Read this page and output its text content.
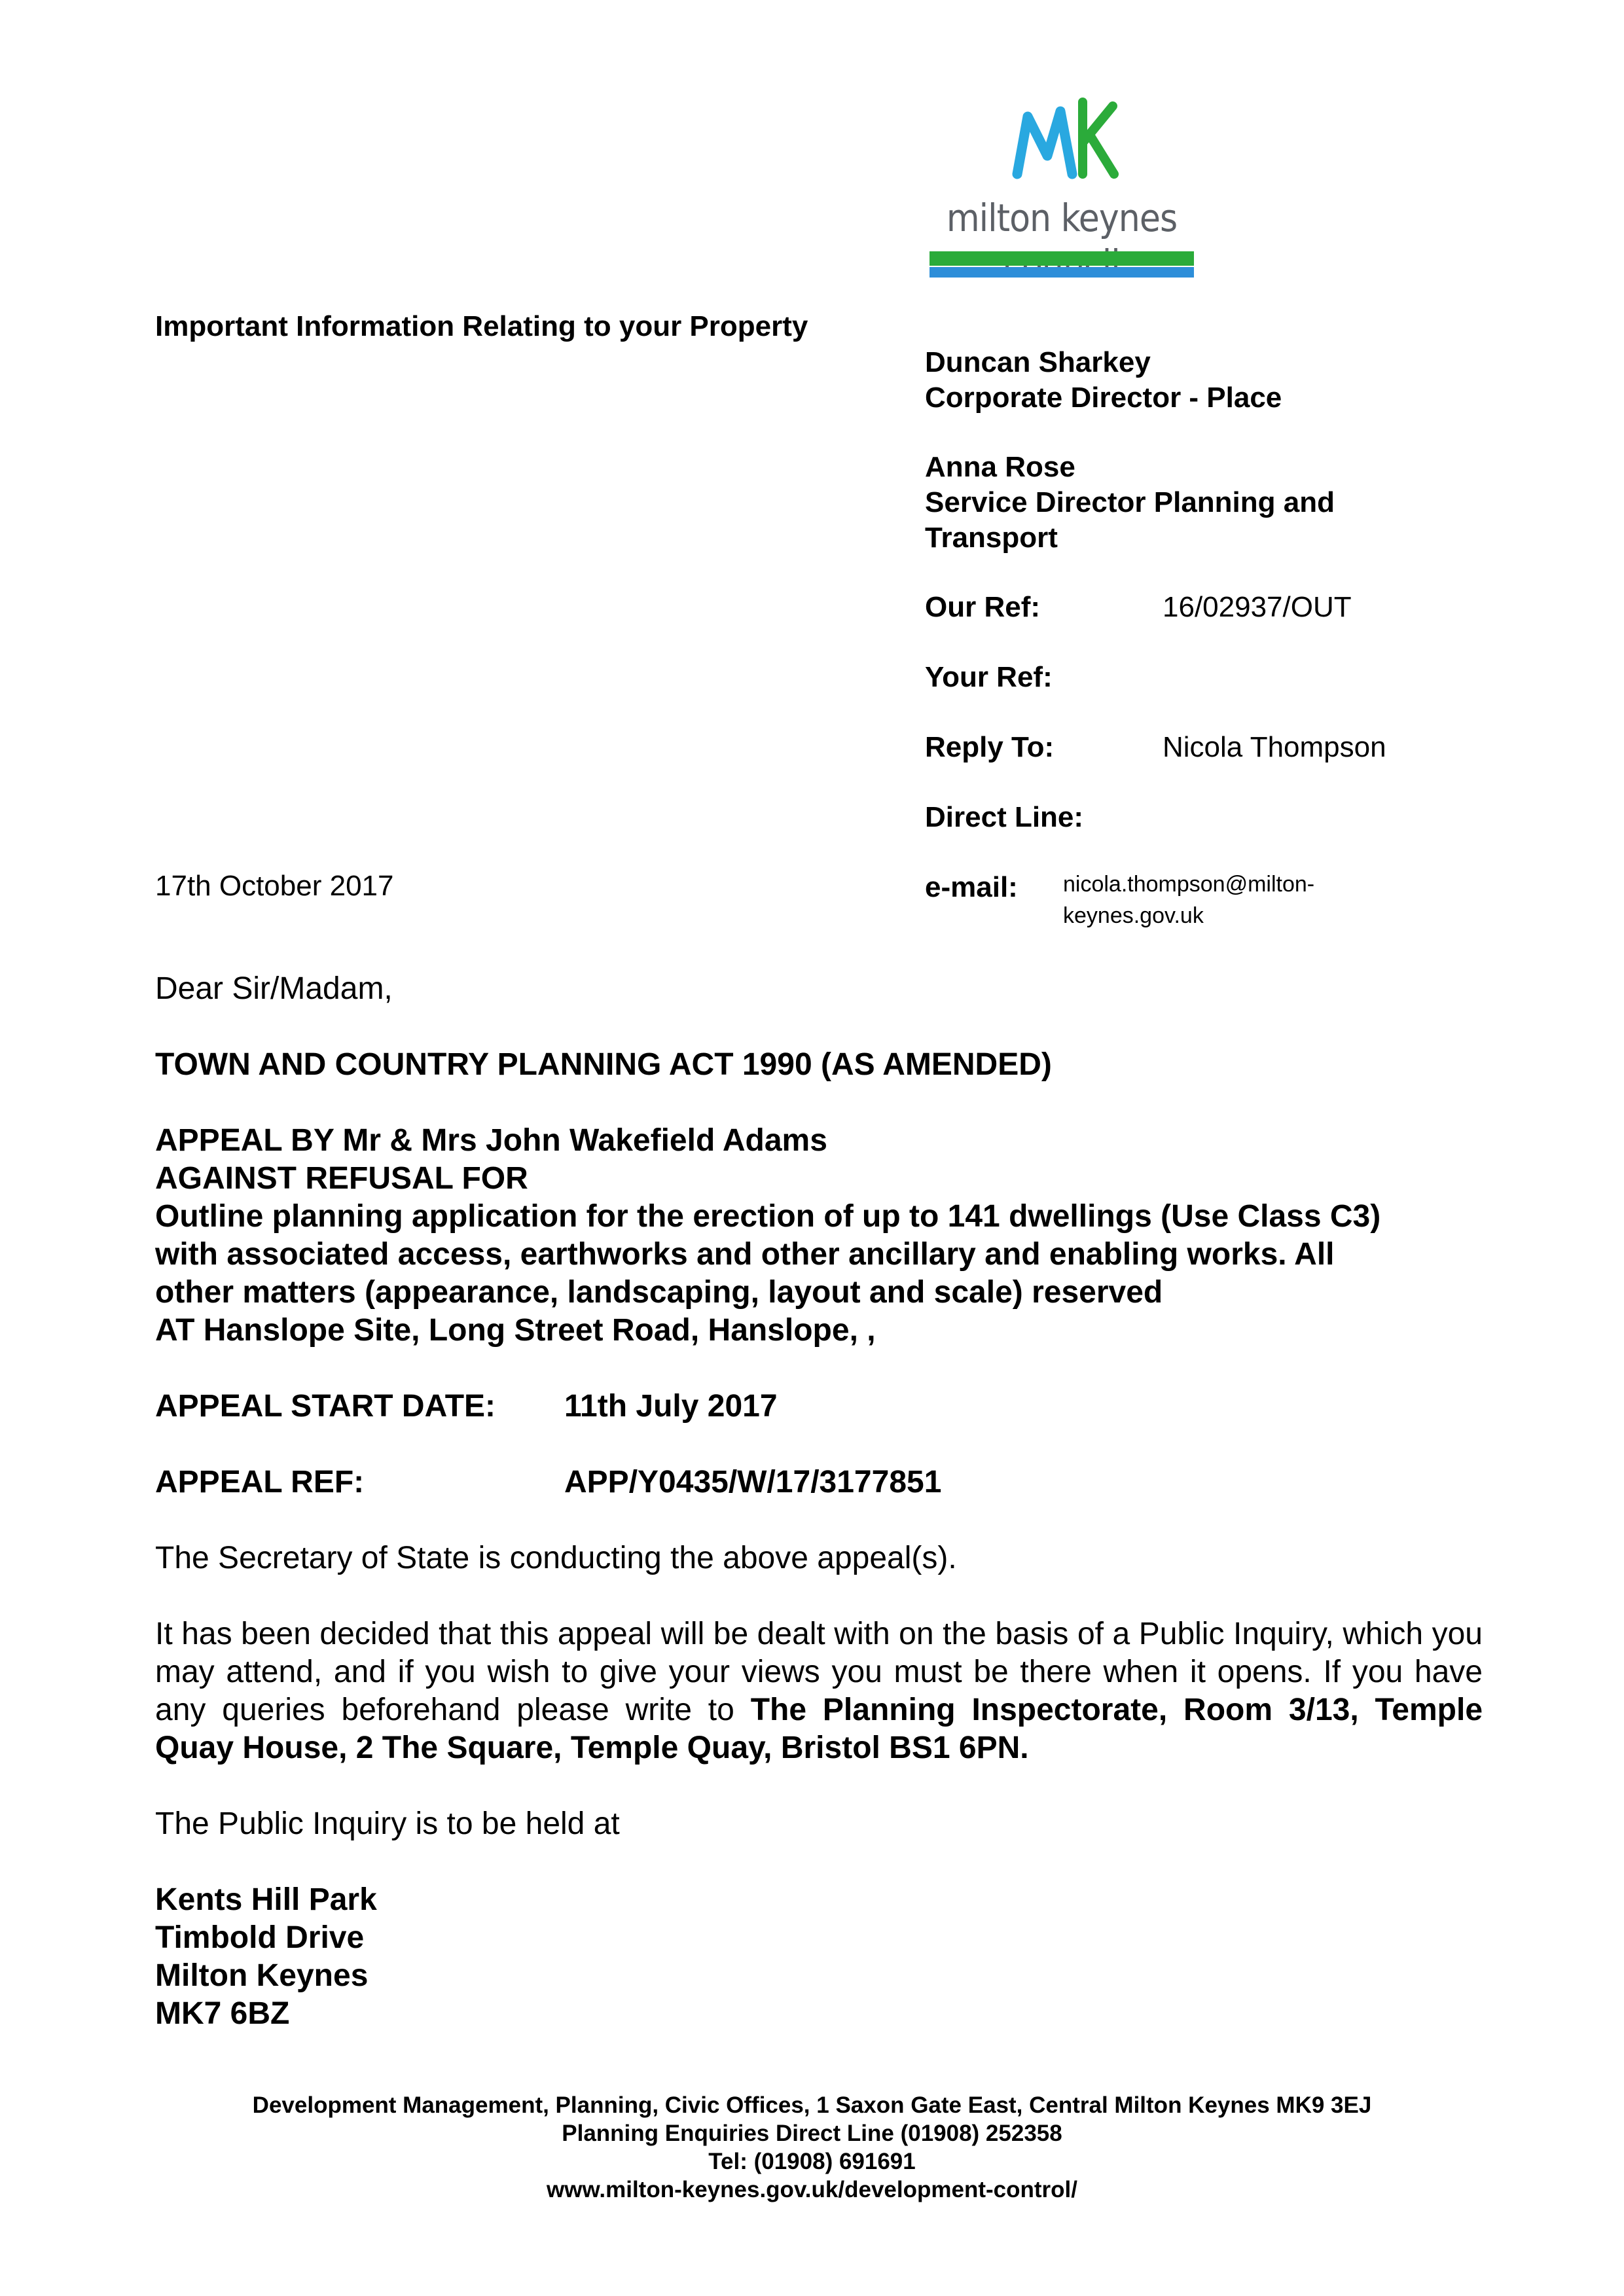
milton keynes
Important Information Relating to your Property
Duncan Sharkey
Corporate Director - Place
Anna Rose
Service Director Planning and
Transport
Our Ref:	16/02937/OUT
Your Ref:
Reply To:	Nicola Thompson
Direct Line:
e-mail: nicola.thompson@milton-
keynes.gov.uk
17th October 2017
Dear Sir/Madam,
TOWN AND COUNTRY PLANNING ACT 1990 (AS AMENDED)
APPEAL BY Mr & Mrs John Wakefield Adams
AGAINST REFUSAL FOR
Outline planning application for the erection of up to 141 dwellings (Use Class C3)
with associated access, earthworks and other ancillary and enabling works. All
other matters (appearance, landscaping, layout and scale) reserved
AT Hanslope Site, Long Street Road, Hanslope, ,
APPEAL START DATE: 11th July 2017
APPEAL REF:	APP/Y0435/W/17/3177851
The Secretary of State is conducting the above appeal(s).
It has been decided that this appeal will be dealt with on the basis of a Public Inquiry, which you may attend, and if you wish to give your views you must be there when it opens. If you have any queries beforehand please write to The Planning Inspectorate, Room 3/13, Temple Quay House, 2 The Square, Temple Quay, Bristol BS1 6PN.
The Public Inquiry is to be held at
Kents Hill Park
Timbold Drive
Milton Keynes
MK7 6BZ
Development Management, Planning, Civic Offices, 1 Saxon Gate East, Central Milton Keynes MK9 3EJ
Planning Enquiries Direct Line (01908) 252358
Tel: (01908) 691691
www.milton-keynes.gov.uk/development-control/
